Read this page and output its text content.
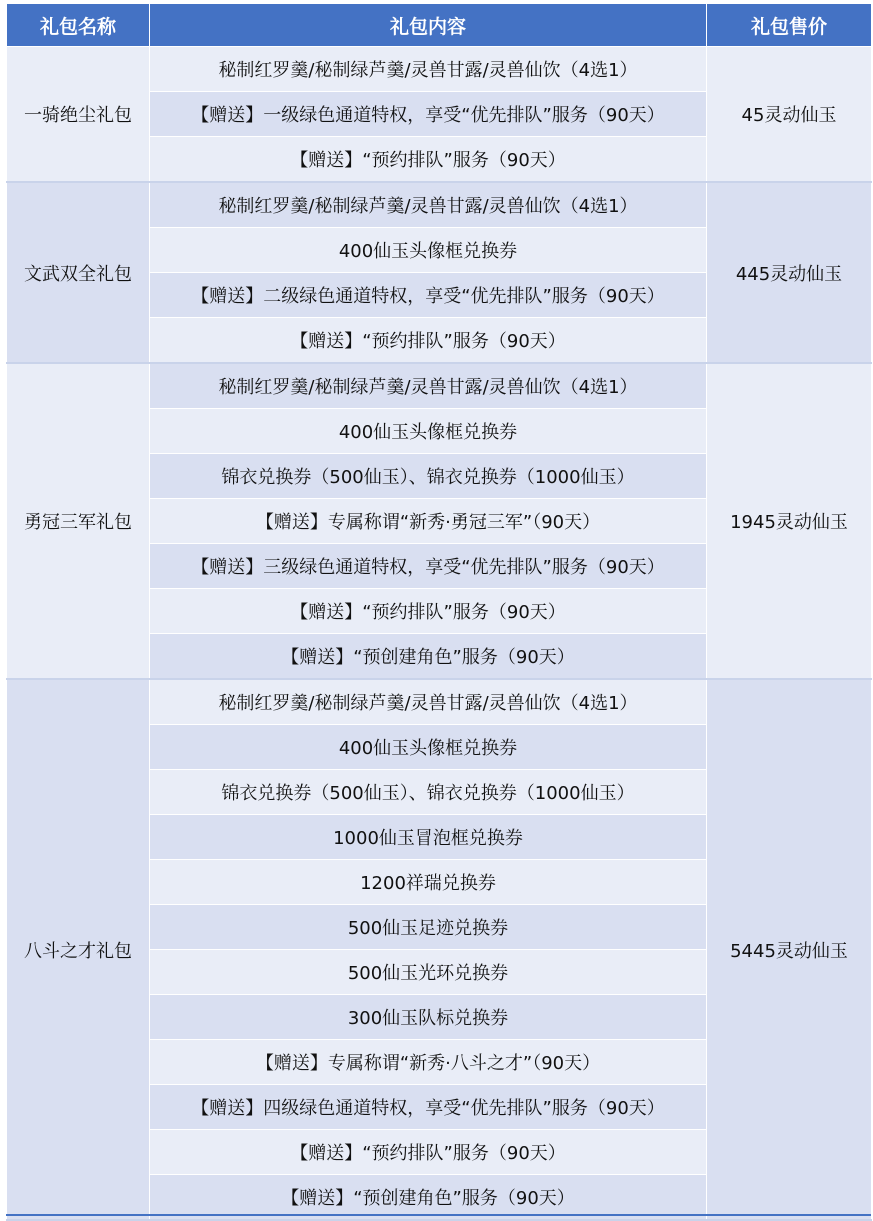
礼包名称	礼包内容	礼包售价
一骑绝尘礼包	秘制红罗羹/秘制绿芦羹/灵兽甘露/灵兽仙饮（4选1）	45灵动仙玉
	【赠送】一级绿色通道特权，享受“优先排队”服务（90天）	
	【赠送】“预约排队”服务（90天）	
文武双全礼包	秘制红罗羹/秘制绿芦羹/灵兽甘露/灵兽仙饮（4选1）	445灵动仙玉
	400仙玉头像框兑换券	
	【赠送】二级绿色通道特权，享受“优先排队”服务（90天）	
	【赠送】“预约排队”服务（90天）	
勇冠三军礼包	秘制红罗羹/秘制绿芦羹/灵兽甘露/灵兽仙饮（4选1）	1945灵动仙玉
	400仙玉头像框兑换券	
	锦衣兑换券（500仙玉）、锦衣兑换券（1000仙玉）	
	【赠送】专属称谓“新秀·勇冠三军”（90天）	
	【赠送】三级绿色通道特权，享受“优先排队”服务（90天）	
	【赠送】“预约排队”服务（90天）	
	【赠送】“预创建角色”服务（90天）	
八斗之才礼包	秘制红罗羹/秘制绿芦羹/灵兽甘露/灵兽仙饮（4选1）	5445灵动仙玉
	400仙玉头像框兑换券	
	锦衣兑换券（500仙玉）、锦衣兑换券（1000仙玉）	
	1000仙玉冒泡框兑换券	
	1200祥瑞兑换券	
	500仙玉足迹兑换券	
	500仙玉光环兑换券	
	300仙玉队标兑换券	
	【赠送】专属称谓“新秀·八斗之才”（90天）	
	【赠送】四级绿色通道特权，享受“优先排队”服务（90天）	
	【赠送】“预约排队”服务（90天）	
	【赠送】“预创建角色”服务（90天）	
